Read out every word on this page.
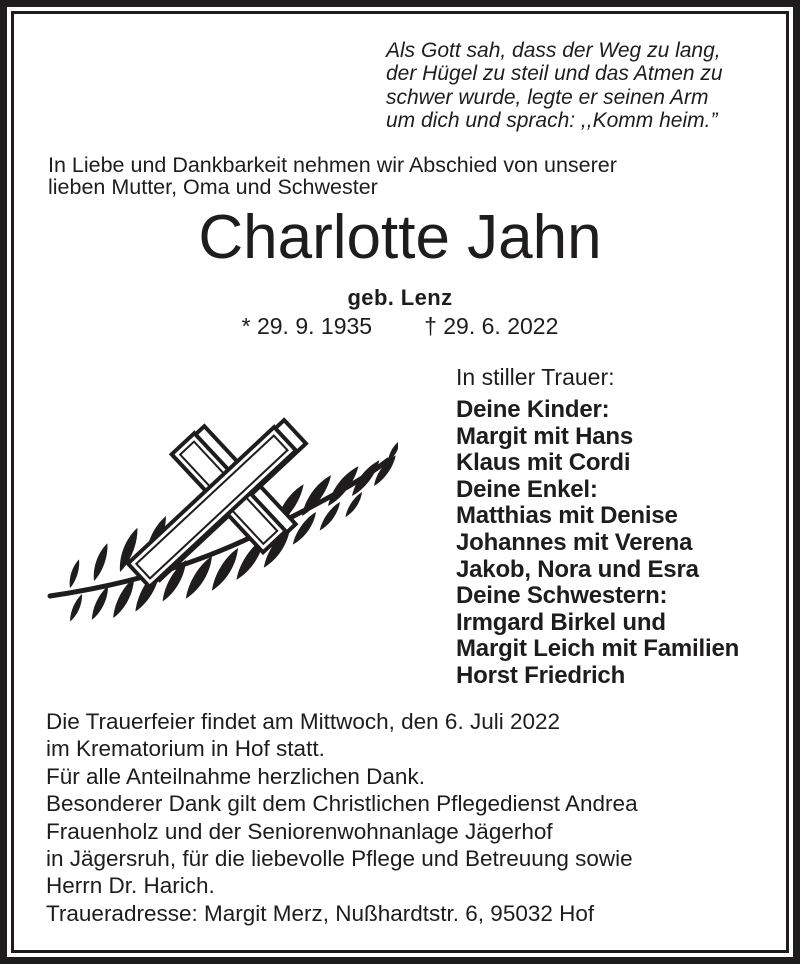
Als Gott sah, dass der Weg zu lang,
der Hügel zu steil und das Atmen zu
schwer wurde, legte er seinen Arm
um dich und sprach: ,,Komm heim.”
In Liebe und Dankbarkeit nehmen wir Abschied von unserer
lieben Mutter, Oma und Schwester
Charlotte Jahn
geb. Lenz
* 29. 9. 1935 † 29. 6. 2022
In stiller Trauer:
Deine Kinder:
Margit mit Hans
Klaus mit Cordi
Deine Enkel:
Matthias mit Denise
Johannes mit Verena
Jakob, Nora und Esra
Deine Schwestern:
Irmgard Birkel und
Margit Leich mit Familien
Horst Friedrich
Die Trauerfeier findet am Mittwoch, den 6. Juli 2022
im Krematorium in Hof statt.
Für alle Anteilnahme herzlichen Dank.
Besonderer Dank gilt dem Christlichen Pflegedienst Andrea
Frauenholz und der Seniorenwohnanlage Jägerhof
in Jägersruh, für die liebevolle Pflege und Betreuung sowie
Herrn Dr. Harich.
Traueradresse: Margit Merz, Nußhardtstr. 6, 95032 Hof
